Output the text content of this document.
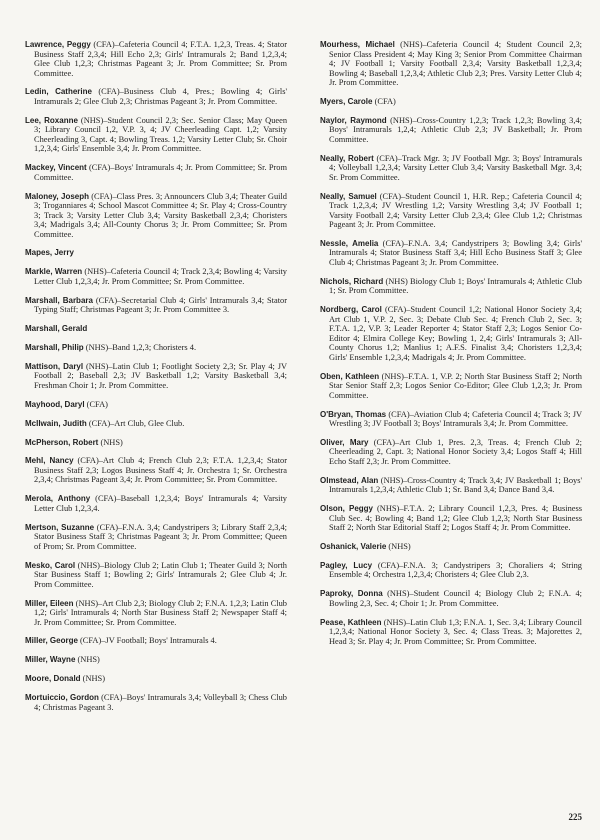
Lawrence, Peggy (CFA)–Cafeteria Council 4; F.T.A. 1,2,3, Treas. 4; Stator Business Staff 2,3,4; Hill Echo 2,3; Girls' Intramurals 2; Band 1,2,3,4; Glee Club 1,2,3; Christmas Pageant 3; Jr. Prom Committee; Sr. Prom Committee.

Ledin, Catherine (CFA)–Business Club 4, Pres.; Bowling 4; Girls' Intramurals 2; Glee Club 2,3; Christmas Pageant 3; Jr. Prom Committee.

Lee, Roxanne (NHS)–Student Council 2,3; Sec. Senior Class; May Queen 3; Library Council 1,2, V.P. 3, 4; JV Cheerleading Capt. 1,2; Varsity Cheerleading 3, Capt. 4; Bowling Treas. 1,2; Varsity Letter Club; Sr. Choir 1,2,3,4; Girls' Ensemble 3,4; Jr. Prom Committee.

Mackey, Vincent (CFA)–Boys' Intramurals 4; Jr. Prom Committee; Sr. Prom Committee.

Maloney, Joseph (CFA)–Class Pres. 3; Announcers Club 3,4; Theater Guild 3; Troganniares 4; School Mascot Committee 4; Sr. Play 4; Cross-Country 3; Track 3; Varsity Letter Club 3,4; Varsity Basketball 2,3,4; Choristers 3,4; Madrigals 3,4; All-County Chorus 3; Jr. Prom Committee; Sr. Prom Committee.

Mapes, Jerry

Markle, Warren (NHS)–Cafeteria Council 4; Track 2,3,4; Bowling 4; Varsity Letter Club 1,2,3,4; Jr. Prom Committee; Sr. Prom Committee.

Marshall, Barbara (CFA)–Secretarial Club 4; Girls' Intramurals 3,4; Stator Typing Staff; Christmas Pageant 3; Jr. Prom Committee 3.

Marshall, Gerald

Marshall, Philip (NHS)–Band 1,2,3; Choristers 4.

Mattison, Daryl (NHS)–Latin Club 1; Footlight Society 2,3; Sr. Play 4; JV Football 2; Baseball 2,3; JV Basketball 1,2; Varsity Basketball 3,4; Freshman Choir 1; Jr. Prom Committee.

Mayhood, Daryl (CFA)

McIlwain, Judith (CFA)–Art Club, Glee Club.

McPherson, Robert (NHS)

Mehl, Nancy (CFA)–Art Club 4; French Club 2,3; F.T.A. 1,2,3,4; Stator Business Staff 2,3; Logos Business Staff 4; Jr. Orchestra 1; Sr. Orchestra 2,3,4; Christmas Pageant 3,4; Jr. Prom Committee; Sr. Prom Committee.

Merola, Anthony (CFA)–Baseball 1,2,3,4; Boys' Intramurals 4; Varsity Letter Club 1,2,3,4.

Mertson, Suzanne (CFA)–F.N.A. 3,4; Candystripers 3; Library Staff 2,3,4; Stator Business Staff 3; Christmas Pageant 3; Jr. Prom Committee; Queen of Prom; Sr. Prom Committee.

Mesko, Carol (NHS)–Biology Club 2; Latin Club 1; Theater Guild 3; North Star Business Staff 1; Bowling 2; Girls' Intramurals 2; Glee Club 4; Jr. Prom Committee.

Miller, Eileen (NHS)–Art Club 2,3; Biology Club 2; F.N.A. 1,2,3; Latin Club 1,2; Girls' Intramurals 4; North Star Business Staff 2; Newspaper Staff 4; Jr. Prom Committee; Sr. Prom Committee.

Miller, George (CFA)–JV Football; Boys' Intramurals 4.

Miller, Wayne (NHS)

Moore, Donald (NHS)

Mortuiccio, Gordon (CFA)–Boys' Intramurals 3,4; Volleyball 3; Chess Club 4; Christmas Pageant 3.

Mourhess, Michael (NHS)–Cafeteria Council 4; Student Council 2,3; Senior Class President 4; May King 3; Senior Prom Committee Chairman 4; JV Football 1; Varsity Football 2,3,4; Varsity Basketball 1,2,3,4; Bowling 4; Baseball 1,2,3,4; Athletic Club 2,3; Pres. Varsity Letter Club 4; Jr. Prom Committee.

Myers, Carole (CFA)

Naylor, Raymond (NHS)–Cross-Country 1,2,3; Track 1,2,3; Bowling 3,4; Boys' Intramurals 1,2,4; Athletic Club 2,3; JV Basketball; Jr. Prom Committee.

Neally, Robert (CFA)–Track Mgr. 3; JV Football Mgr. 3; Boys' Intramurals 4; Volleyball 1,2,3,4; Varsity Letter Club 3,4; Varsity Basketball Mgr. 3,4; Sr. Prom Committee.

Neally, Samuel (CFA)–Student Council 1, H.R. Rep.; Cafeteria Council 4; Track 1,2,3,4; JV Wrestling 1,2; Varsity Wrestling 3,4; JV Football 1; Varsity Football 2,4; Varsity Letter Club 2,3,4; Glee Club 1,2; Christmas Pageant 3; Jr. Prom Committee.

Nessle, Amelia (CFA)–F.N.A. 3,4; Candystripers 3; Bowling 3,4; Girls' Intramurals 4; Stator Business Staff 3,4; Hill Echo Business Staff 3; Glee Club 4; Christmas Pageant 3; Jr. Prom Committee.

Nichols, Richard (NHS) Biology Club 1; Boys' Intramurals 4; Athletic Club 1; Sr. Prom Committee.

Nordberg, Carol (CFA)–Student Council 1,2; National Honor Society 3,4; Art Club 1, V.P. 2, Sec. 3; Debate Club Sec. 4; French Club 2, Sec. 3; F.T.A. 1,2, V.P. 3; Leader Reporter 4; Stator Staff 2,3; Logos Senior Co-Editor 4; Elmira College Key; Bowling 1, 2,4; Girls' Intramurals 3; All-County Chorus 1,2; Manlius 1; A.F.S. Finalist 3,4; Choristers 1,2,3,4; Girls' Ensemble 1,2,3,4; Madrigals 4; Jr. Prom Committee.

Oben, Kathleen (NHS)–F.T.A. 1, V.P. 2; North Star Business Staff 2; North Star Senior Staff 2,3; Logos Senior Co-Editor; Glee Club 1,2,3; Jr. Prom Committee.

O'Bryan, Thomas (CFA)–Aviation Club 4; Cafeteria Council 4; Track 3; JV Wrestling 3; JV Football 3; Boys' Intramurals 3,4; Jr. Prom Committee.

Oliver, Mary (CFA)–Art Club 1, Pres. 2,3, Treas. 4; French Club 2; Cheerleading 2, Capt. 3; National Honor Society 3,4; Logos Staff 4; Hill Echo Staff 2,3; Jr. Prom Committee.

Olmstead, Alan (NHS)–Cross-Country 4; Track 3,4; JV Basketball 1; Boys' Intramurals 1,2,3,4; Athletic Club 1; Sr. Band 3,4; Dance Band 3,4.

Olson, Peggy (NHS)–F.T.A. 2; Library Council 1,2,3, Pres. 4; Business Club Sec. 4; Bowling 4; Band 1,2; Glee Club 1,2,3; North Star Business Staff 2; North Star Editorial Staff 2; Logos Staff 4; Jr. Prom Committee.

Oshanick, Valerie (NHS)

Pagley, Lucy (CFA)–F.N.A. 3; Candystripers 3; Choraliers 4; String Ensemble 4; Orchestra 1,2,3,4; Choristers 4; Glee Club 2,3.

Paproky, Donna (NHS)–Student Council 4; Biology Club 2; F.N.A. 4; Bowling 2,3, Sec. 4; Choir 1; Jr. Prom Committee.

Pease, Kathleen (NHS)–Latin Club 1,3; F.N.A. 1, Sec. 3,4; Library Council 1,2,3,4; National Honor Society 3, Sec. 4; Class Treas. 3; Majorettes 2, Head 3; Sr. Play 4; Jr. Prom Committee; Sr. Prom Committee.

225
